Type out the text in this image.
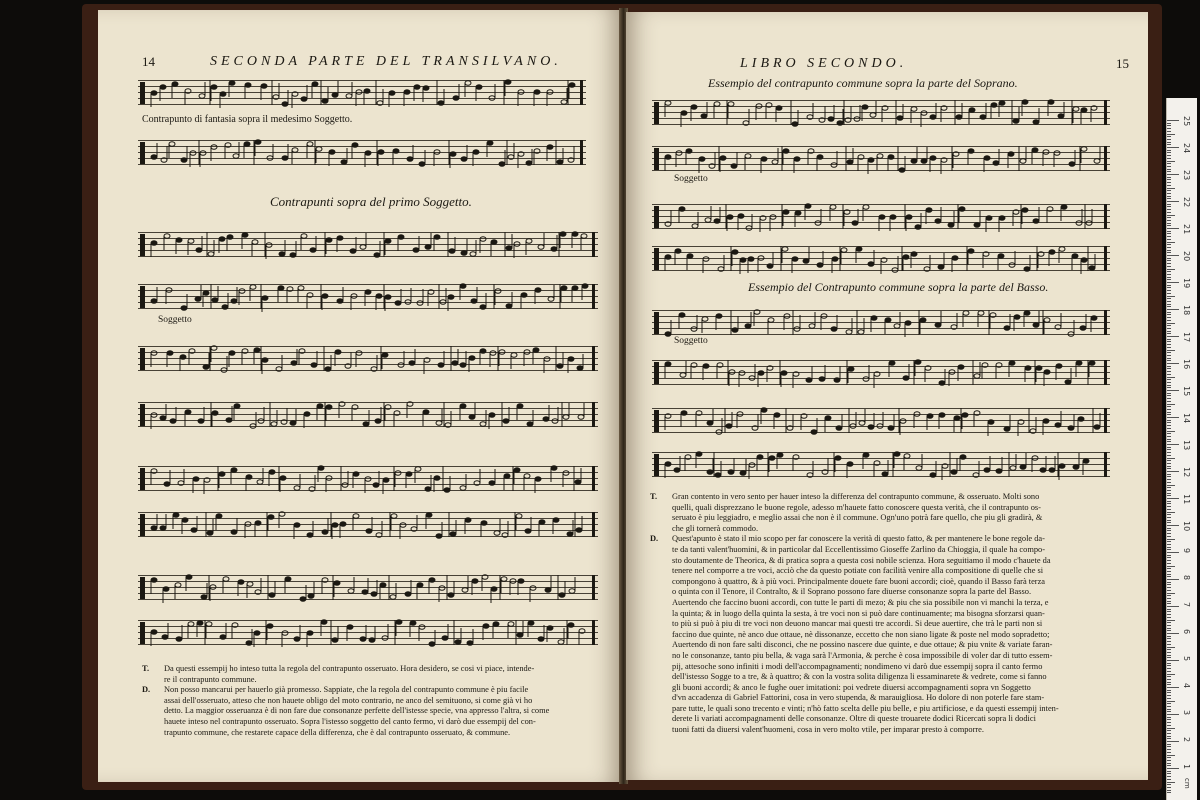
14	SECONDA PARTE DEL TRANSILVANO.
Contrapunto di fantasia sopra il medesimo Soggetto.
Contrapunti sopra del primo Soggetto.
Soggetto
T. Da questi essempij ho inteso tutta la regola del contrapunto osseruato. Hora desidero, se cosi vi piace, intende-
re il contrapunto commune.
D. Non posso mancarui per hauerlo già promesso. Sappiate, che la regola del contrapunto commune è piu facile
assai dell'osseruato, atteso che non hauete obligo del moto contrario, ne anco del semituono, si come già vi ho
detto. La maggior osseruanza è di non fare due consonanze perfette dell'istesse specie, vna appresso l'altra, si come
hauete inteso nel contrapunto osseruato. Sopra l'istesso soggetto del canto fermo, vi darò due essempij del con-
trapunto commune, che restarete capace della differenza, che è dal contrapunto osseruato, & commune.
LIBRO SECONDO.	15
Essempio del contrapunto commune sopra la parte del Soprano.
Soggetto
Essempio del Contrapunto commune sopra la parte del Basso.
Soggetto
T. Gran contento in vero sento per hauer inteso la differenza del contrapunto commune, & osseruato. Molti sono
quelli, quali disprezzano le buone regole, adesso m'hauete fatto conoscere questa verità, che il contrapunto os-
seruato è piu leggiadro, e meglio assai che non è il commune. Ogn'uno potrà fare quello, che piu gli gradirà, &
che gli tornerà commodo.
D. Quest'apunto è stato il mio scopo per far conoscere la verità di questo fatto, & per mantenere le bone regole da-
te da tanti valent'huomini, & in particolar dal Eccellentissimo Gioseffe Zarlino da Chioggia, il quale ha compo-
sto doutamente de Theorica, & di pratica sopra a questa cosi nobile scienza. Hora seguitiamo il modo c'hauete da
tenere nel comporre a tre voci, acciò che da questo potiate con facilità venire alla compositione di quelle che si
compongono à quattro, & à più voci. Principalmente douete fare buoni accordi; cioè, quando il Basso farà terza
o quinta con il Tenore, il Contralto, & il Soprano possono fare diuerse consonanze sopra la parte del Basso.
Auertendo che faccino buoni accordi, con tutte le parti di mezo; & piu che sia possibile non vi manchi la terza, e
la quinta; & in luogo della quinta la sesta, à tre voci non si può dare continuamente; ma bisogna sforzarsi quan-
to più si può à piu di tre voci non deuono mancar mai questi tre accordi. Si deue auertire, che trà le parti non si
faccino due quinte, nè anco due ottaue, nè dissonanze, eccetto che non siano ligate & poste nel modo sopradetto;
Auertendo di non fare salti disconci, che ne possino nascere due quinte, e due ottaue; & piu vnite & variate faran-
no le consonanze, tanto piu bella, & vaga sarà l'Armonia, & perche è cosa impossibile di voler dar di tutto essem-
pij, attesoche sono infiniti i modi dell'accompagnamenti; nondimeno vi darò due essempij sopra il canto fermo
dell'istesso Sogge to a tre, & à quattro; & con la vostra solita diligenza li essaminarete & vedrete, come si fanno
gli buoni accordi; & anco le fughe ouer imitationi: poi vedrete diuersi accompagnamenti sopra vn Soggetto
d'vn accadenza di Gabriel Fattorini, cosa in vero stupenda, & marauigliosa. Ho dolore di non poterle fare stam-
pare tutte, le quali sono trecento e vinti; n'hò fatto scelta delle piu belle, e piu artificiose, e da questi essempij inten-
derete li variati accompagnamenti delle consonanze. Oltre di queste trouarete dodici Ricercati sopra li dodici
tuoni fatti da diuersi valent'huomeni, cosa in vero molto vtile, per imparar presto à comporre.
25
24
23
22
21
20
19
18
17
16
15
14
13
12
11
10
9
8
7
6
5
4
3
2
1
cm
